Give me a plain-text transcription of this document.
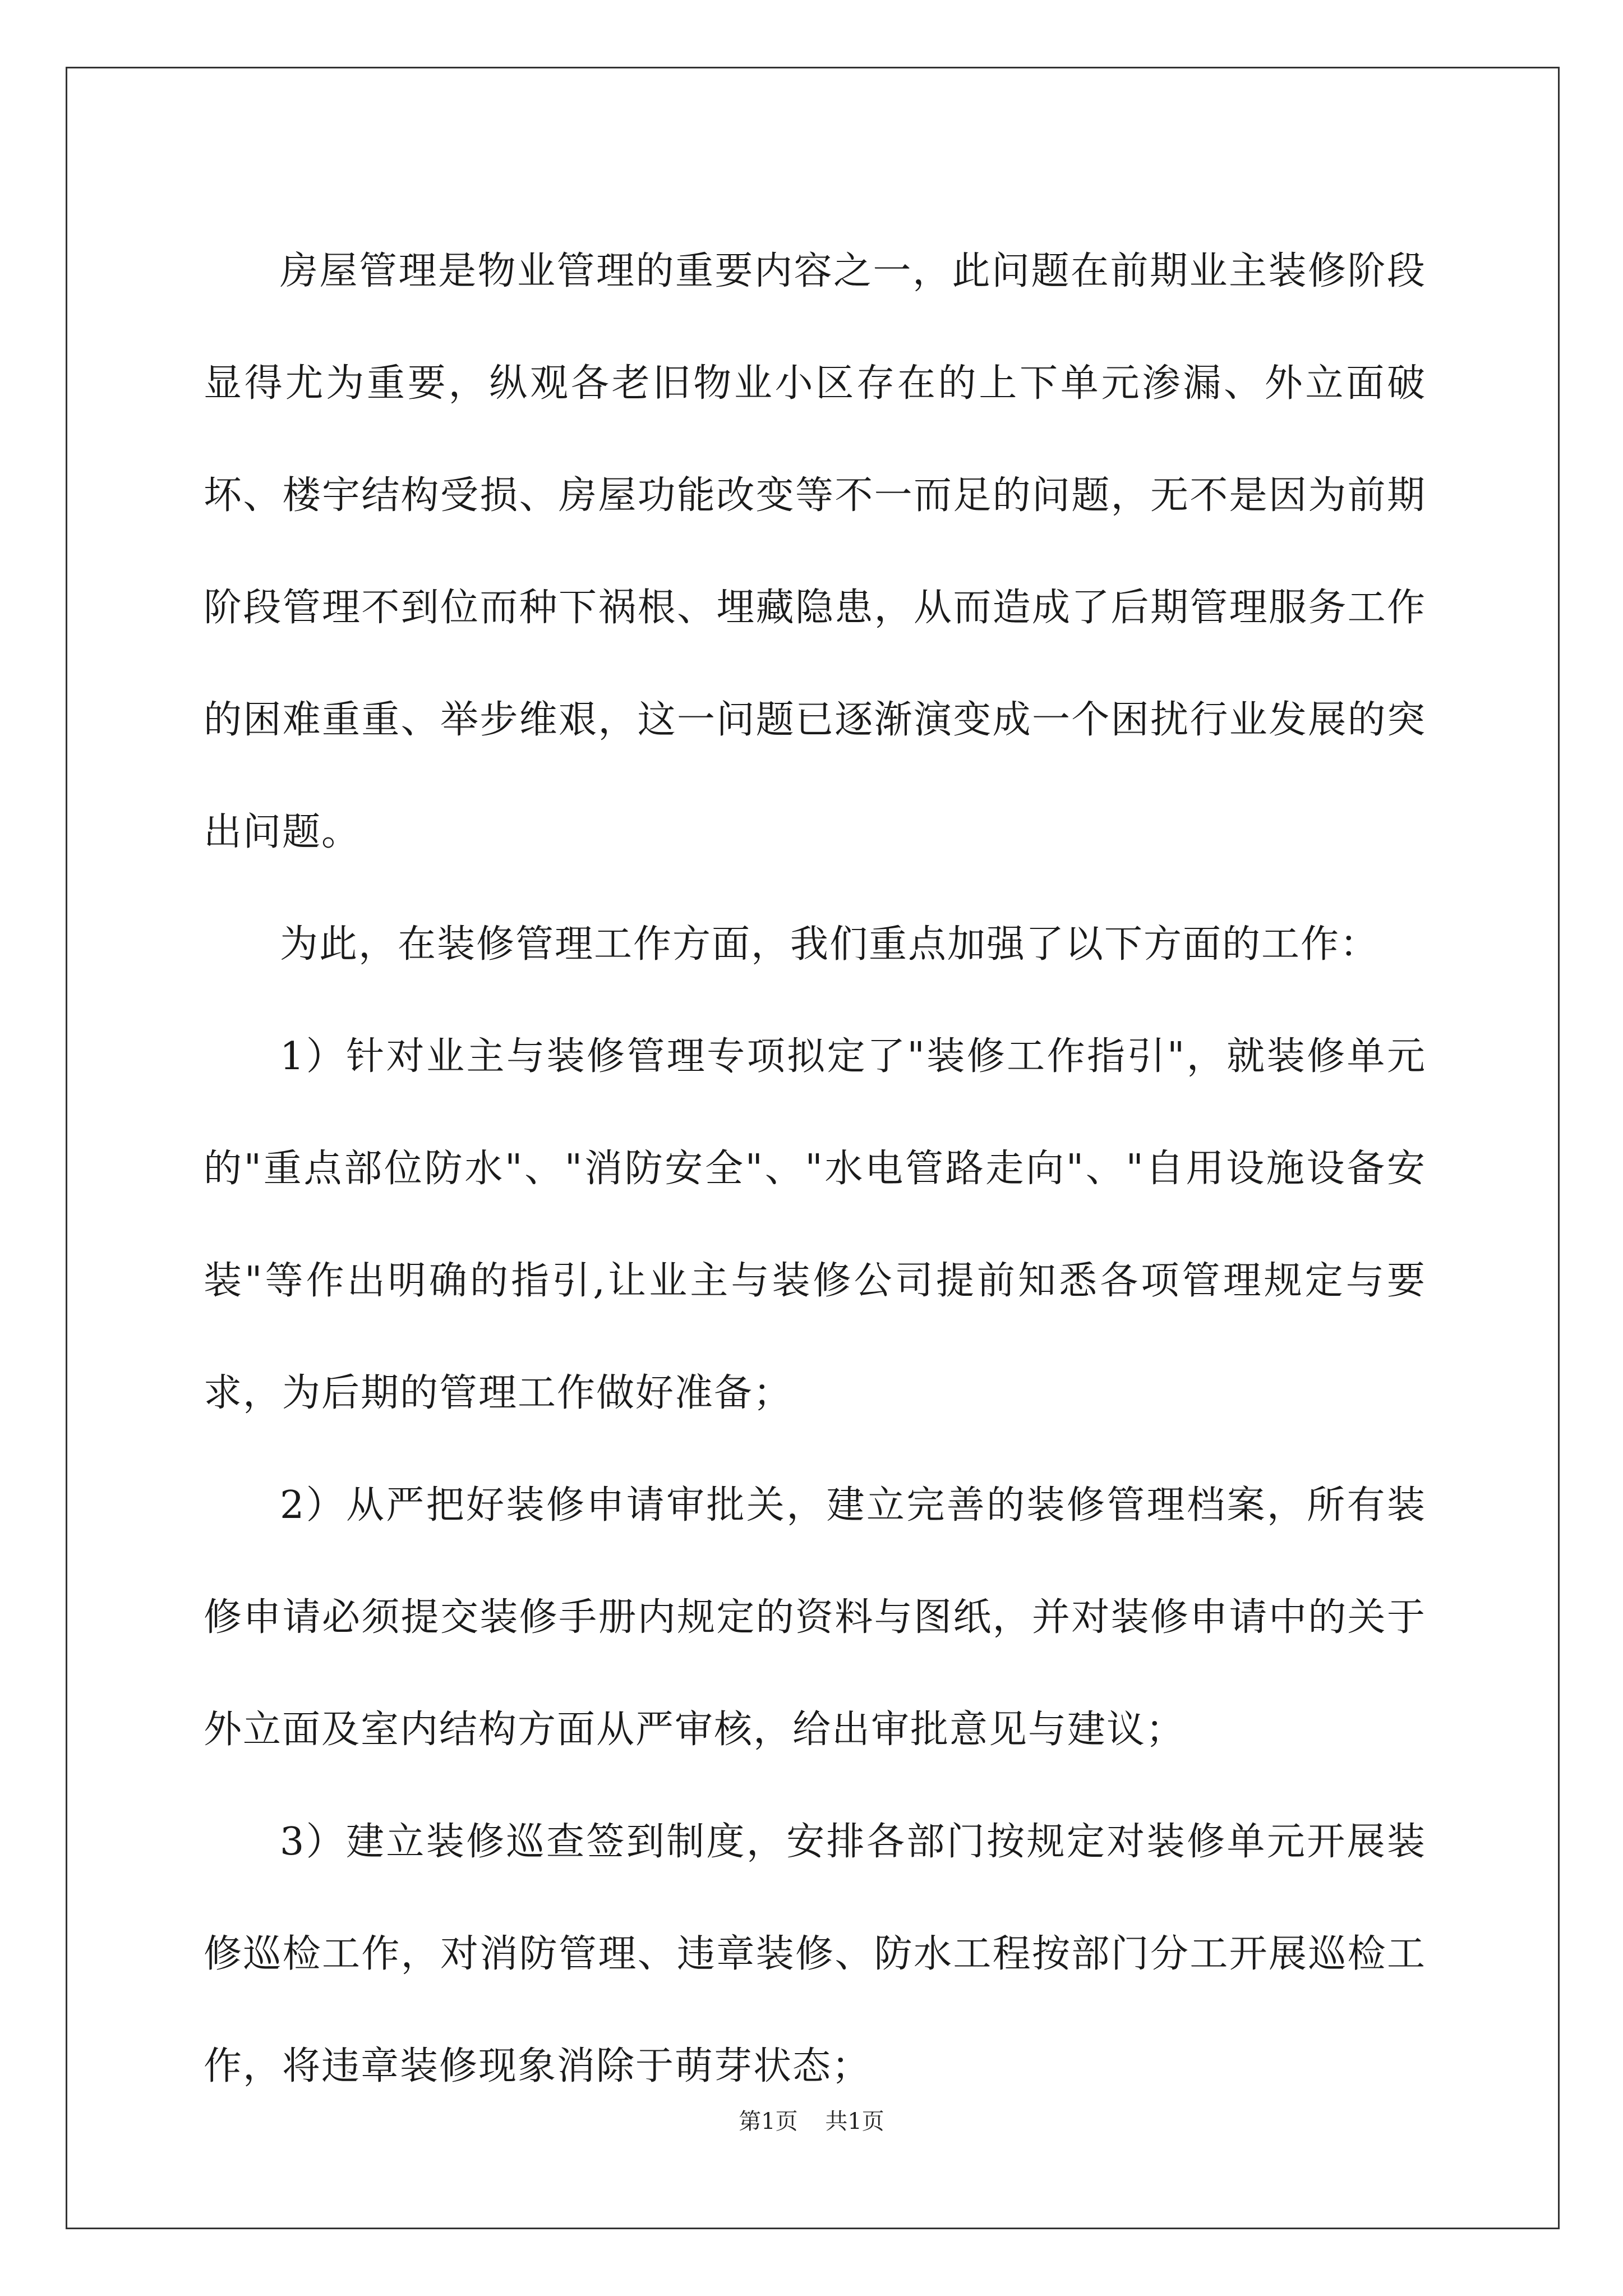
房屋管理是物业管理的重要内容之一，此问题在前期业主装修阶段显得尤为重要，纵观各老旧物业小区存在的上下单元渗漏、外立面破坏、楼宇结构受损、房屋功能改变等不一而足的问题，无不是因为前期阶段管理不到位而种下祸根、埋藏隐患，从而造成了后期管理服务工作的困难重重、举步维艰，这一问题已逐渐演变成一个困扰行业发展的突出问题。

为此，在装修管理工作方面，我们重点加强了以下方面的工作：

1）针对业主与装修管理专项拟定了"装修工作指引"，就装修单元的"重点部位防水"、"消防安全"、"水电管路走向"、"自用设施设备安装"等作出明确的指引,让业主与装修公司提前知悉各项管理规定与要求，为后期的管理工作做好准备；

2）从严把好装修申请审批关，建立完善的装修管理档案，所有装修申请必须提交装修手册内规定的资料与图纸，并对装修申请中的关于外立面及室内结构方面从严审核，给出审批意见与建议；

3）建立装修巡查签到制度，安排各部门按规定对装修单元开展装修巡检工作，对消防管理、违章装修、防水工程按部门分工开展巡检工作，将违章装修现象消除于萌芽状态；

第1页 共1页
